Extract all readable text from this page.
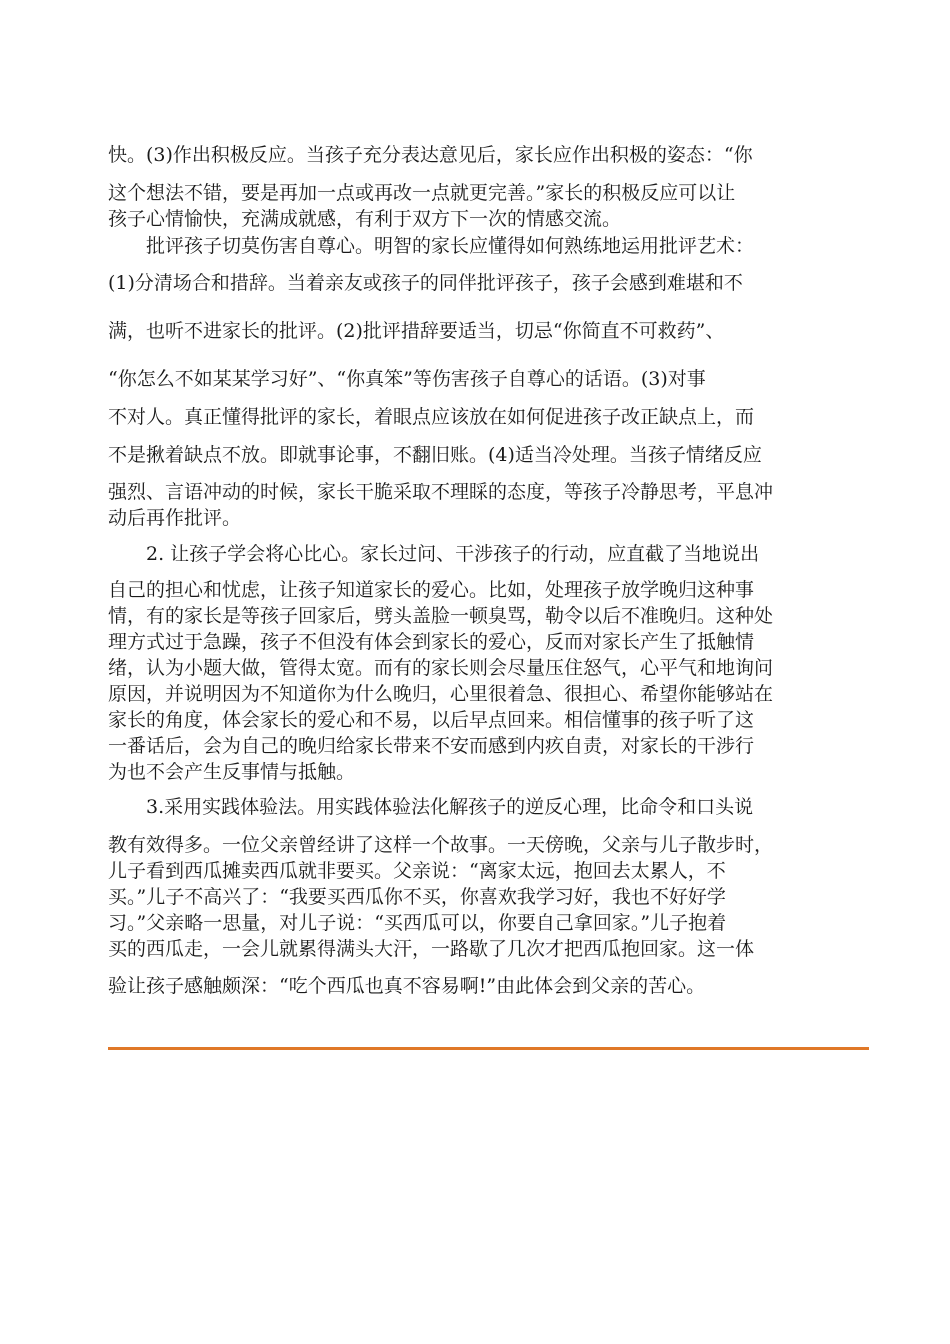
快。(3)作出积极反应。当孩子充分表达意见后，家长应作出积极的姿态：“你
这个想法不错，要是再加一点或再改一点就更完善。”家长的积极反应可以让
孩子心情愉快，充满成就感，有利于双方下一次的情感交流。
　　批评孩子切莫伤害自尊心。明智的家长应懂得如何熟练地运用批评艺术：
(1)分清场合和措辞。当着亲友或孩子的同伴批评孩子，孩子会感到难堪和不
满，也听不进家长的批评。(2)批评措辞要适当，切忌“你简直不可救药”、
“你怎么不如某某学习好”、“你真笨”等伤害孩子自尊心的话语。(3)对事
不对人。真正懂得批评的家长，着眼点应该放在如何促进孩子改正缺点上，而
不是揪着缺点不放。即就事论事，不翻旧账。(4)适当冷处理。当孩子情绪反应
强烈、言语冲动的时候，家长干脆采取不理睬的态度，等孩子冷静思考，平息冲
动后再作批评。
　　2. 让孩子学会将心比心。家长过问、干涉孩子的行动，应直截了当地说出
自己的担心和忧虑，让孩子知道家长的爱心。比如，处理孩子放学晚归这种事
情，有的家长是等孩子回家后，劈头盖脸一顿臭骂，勒令以后不准晚归。这种处
理方式过于急躁，孩子不但没有体会到家长的爱心，反而对家长产生了抵触情
绪，认为小题大做，管得太宽。而有的家长则会尽量压住怒气，心平气和地询问
原因，并说明因为不知道你为什么晚归，心里很着急、很担心、希望你能够站在
家长的角度，体会家长的爱心和不易，以后早点回来。相信懂事的孩子听了这
一番话后，会为自己的晚归给家长带来不安而感到内疚自责，对家长的干涉行
为也不会产生反事情与抵触。
　　3.采用实践体验法。用实践体验法化解孩子的逆反心理，比命令和口头说
教有效得多。一位父亲曾经讲了这样一个故事。一天傍晚，父亲与儿子散步时，
儿子看到西瓜摊卖西瓜就非要买。父亲说：“离家太远，抱回去太累人，不
买。”儿子不高兴了：“我要买西瓜你不买，你喜欢我学习好，我也不好好学
习。”父亲略一思量，对儿子说：“买西瓜可以，你要自己拿回家。”儿子抱着
买的西瓜走，一会儿就累得满头大汗，一路歇了几次才把西瓜抱回家。这一体
验让孩子感触颇深：“吃个西瓜也真不容易啊!”由此体会到父亲的苦心。
